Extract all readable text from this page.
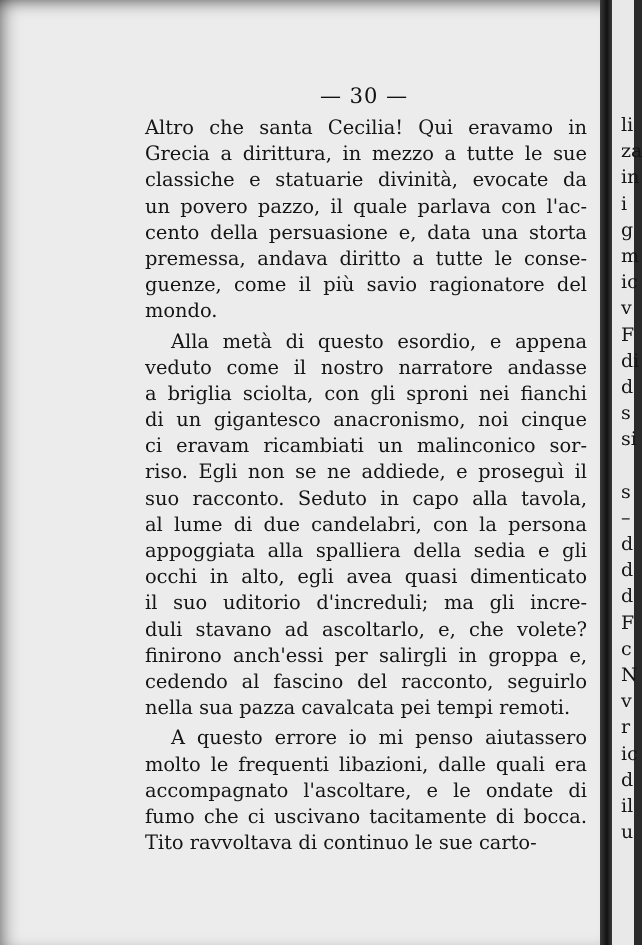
— 30 —
Altro che santa Cecilia! Qui eravamo in
Grecia a dirittura, in mezzo a tutte le sue
classiche e statuarie divinità, evocate da
un povero pazzo, il quale parlava con l'ac-
cento della persuasione e, data una storta
premessa, andava diritto a tutte le conse-
guenze, come il più savio ragionatore del
mondo.
Alla metà di questo esordio, e appena
veduto come il nostro narratore andasse
a briglia sciolta, con gli sproni nei fianchi
di un gigantesco anacronismo, noi cinque
ci eravam ricambiati un malinconico sor-
riso. Egli non se ne addiede, e proseguì il
suo racconto. Seduto in capo alla tavola,
al lume di due candelabri, con la persona
appoggiata alla spalliera della sedia e gli
occhi in alto, egli avea quasi dimenticato
il suo uditorio d'increduli; ma gli incre-
duli stavano ad ascoltarlo, e, che volete?
finirono anch'essi per salirgli in groppa e,
cedendo al fascino del racconto, seguirlo
nella sua pazza cavalcata pei tempi remoti.
A questo errore io mi penso aiutassero
molto le frequenti libazioni, dalle quali era
accompagnato l'ascoltare, e le ondate di
fumo che ci uscivano tacitamente di bocca.
Tito ravvoltava di continuo le sue carto-
li
za
in
i
g
m
ic
v
F
di
d
s
si
s
–
d
d
d
F
c
N
v
r
ic
d
il
u
